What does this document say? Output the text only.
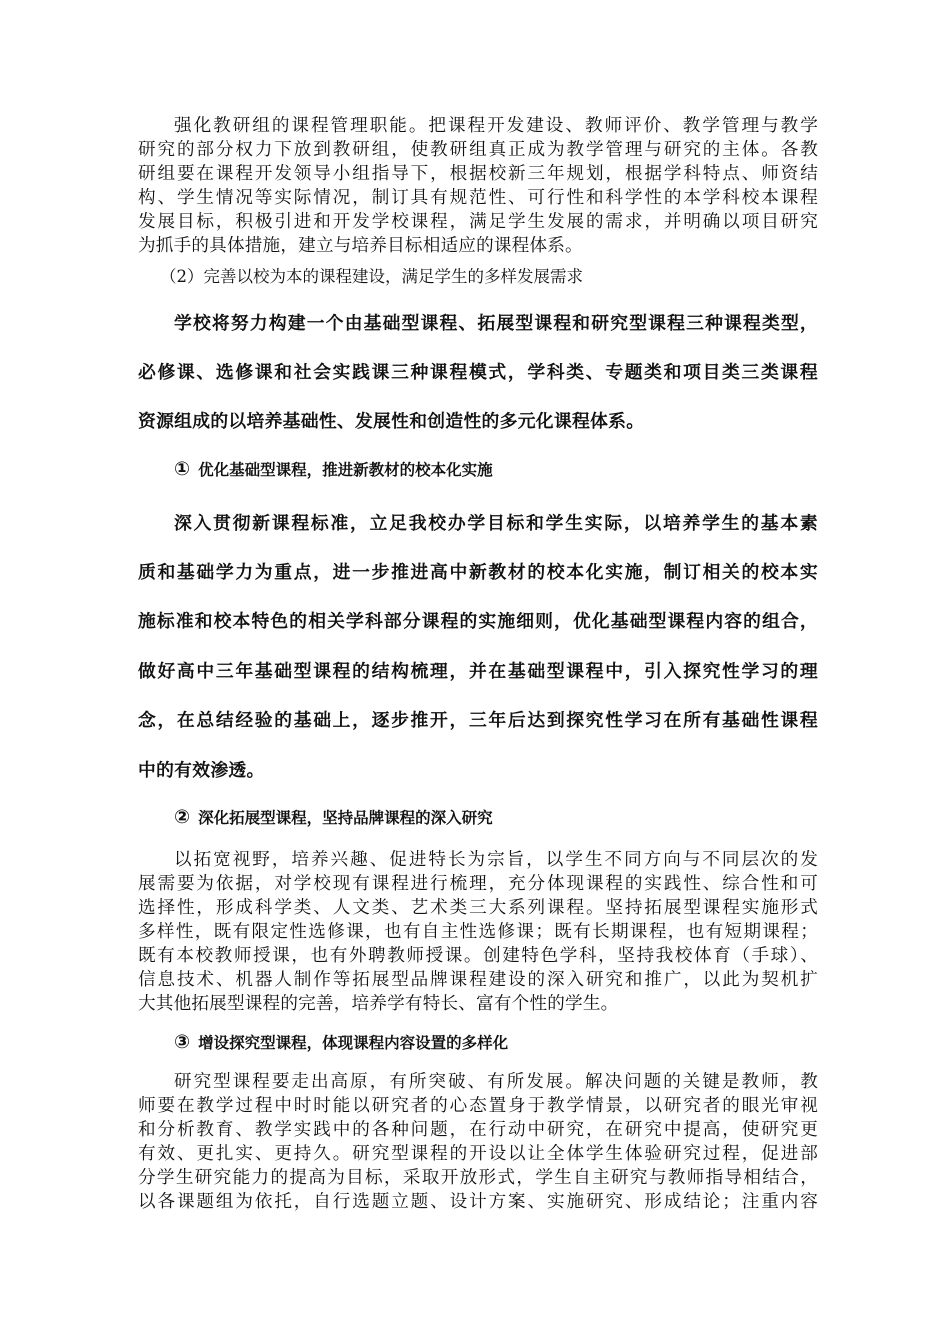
强化教研组的课程管理职能。把课程开发建设、教师评价、教学管理与教学
研究的部分权力下放到教研组，使教研组真正成为教学管理与研究的主体。各教
研组要在课程开发领导小组指导下，根据校新三年规划，根据学科特点、师资结
构、学生情况等实际情况，制订具有规范性、可行性和科学性的本学科校本课程
发展目标，积极引进和开发学校课程，满足学生发展的需求，并明确以项目研究
为抓手的具体措施，建立与培养目标相适应的课程体系。
（2）完善以校为本的课程建设，满足学生的多样发展需求
学校将努力构建一个由基础型课程、拓展型课程和研究型课程三种课程类型，
必修课、选修课和社会实践课三种课程模式，学科类、专题类和项目类三类课程
资源组成的以培养基础性、发展性和创造性的多元化课程体系。
① 优化基础型课程，推进新教材的校本化实施
深入贯彻新课程标准，立足我校办学目标和学生实际，以培养学生的基本素
质和基础学力为重点，进一步推进高中新教材的校本化实施，制订相关的校本实
施标准和校本特色的相关学科部分课程的实施细则，优化基础型课程内容的组合，
做好高中三年基础型课程的结构梳理，并在基础型课程中，引入探究性学习的理
念，在总结经验的基础上，逐步推开，三年后达到探究性学习在所有基础性课程
中的有效渗透。
② 深化拓展型课程，坚持品牌课程的深入研究
以拓宽视野，培养兴趣、促进特长为宗旨，以学生不同方向与不同层次的发
展需要为依据，对学校现有课程进行梳理，充分体现课程的实践性、综合性和可
选择性，形成科学类、人文类、艺术类三大系列课程。坚持拓展型课程实施形式
多样性，既有限定性选修课，也有自主性选修课；既有长期课程，也有短期课程；
既有本校教师授课，也有外聘教师授课。创建特色学科，坚持我校体育（手球）、
信息技术、机器人制作等拓展型品牌课程建设的深入研究和推广，以此为契机扩
大其他拓展型课程的完善，培养学有特长、富有个性的学生。
③ 增设探究型课程，体现课程内容设置的多样化
研究型课程要走出高原，有所突破、有所发展。解决问题的关键是教师，教
师要在教学过程中时时能以研究者的心态置身于教学情景，以研究者的眼光审视
和分析教育、教学实践中的各种问题，在行动中研究，在研究中提高，使研究更
有效、更扎实、更持久。研究型课程的开设以让全体学生体验研究过程，促进部
分学生研究能力的提高为目标，采取开放形式，学生自主研究与教师指导相结合，
以各课题组为依托，自行选题立题、设计方案、实施研究、形成结论；注重内容
